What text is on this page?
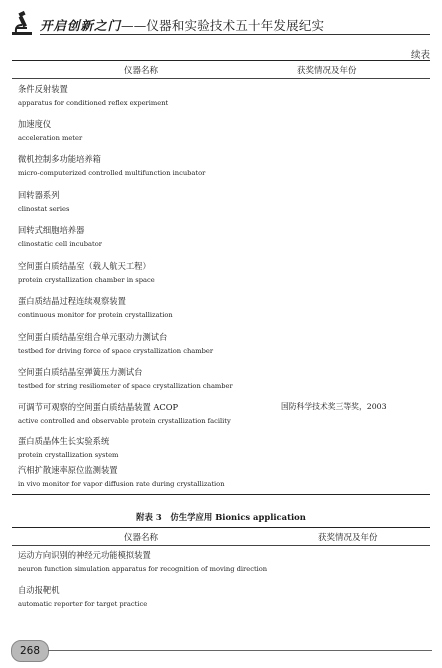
开启创新之门——仪器和实验技术五十年发展纪实
续表
仪器名称	获奖情况及年份
条件反射装置
apparatus for conditioned reflex experiment
加速度仪
acceleration meter
微机控制多功能培养箱
micro-computerized controlled multifunction incubator
回转器系列
clinostat series
回转式细胞培养器
clinostatic cell incubator
空间蛋白质结晶室（载人航天工程）
protein crystallization chamber in space
蛋白质结晶过程连续观察装置
continuous monitor for protein crystallization
空间蛋白质结晶室组合单元驱动力测试台
testbed for driving force of space crystallization chamber
空间蛋白质结晶室弹簧压力测试台
testbed for string resiliometer of space crystallization chamber
可调节可观察的空间蛋白质结晶装置 ACOP
active controlled and observable protein crystallization facility
国防科学技术奖三等奖，2003
蛋白质晶体生长实验系统
protein crystallization system
汽相扩散速率原位监测装置
in vivo monitor for vapor diffusion rate during crystallization
附表 3 仿生学应用 Bionics application
仪器名称	获奖情况及年份
运动方向识别的神经元功能模拟装置
neuron function simulation apparatus for recognition of moving direction
自动报靶机
automatic reporter for target practice
268
